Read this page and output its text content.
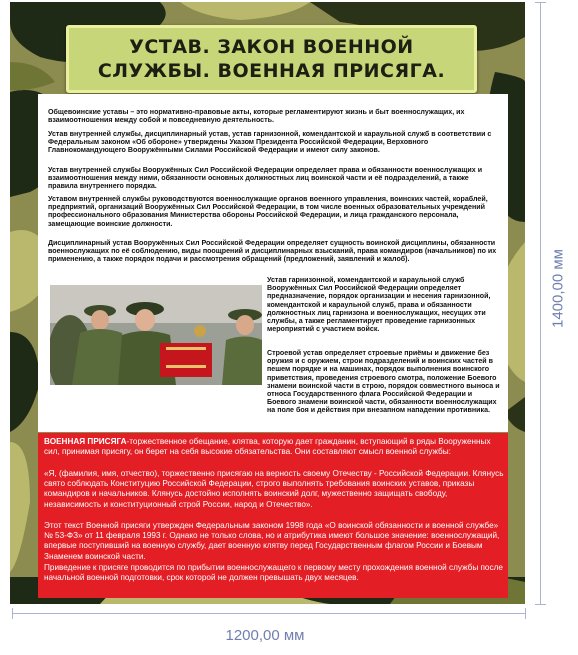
УСТАВ. ЗАКОН ВОЕННОЙ
СЛУЖБЫ. ВОЕННАЯ ПРИСЯГА.

Общевоинские уставы – это нормативно-правовые акты, которые регламентируют жизнь и быт военнослужащих, их взаимоотношения между собой и повседневную деятельность.

Устав внутренней службы, дисциплинарный устав, устав гарнизонной, комендантской и караульной служб в соответствии с Федеральным законом «Об обороне» утверждены Указом Президента Российской Федерации, Верховного Главнокомандующего Вооружёнными Силами Российской Федерации и имеют силу законов.

Устав внутренней службы Вооружённых Сил Российской Федерации определяет права и обязанности военнослужащих и взаимоотношения между ними, обязанности основных должностных лиц воинской части и её подразделений, а также правила внутреннего порядка.

Уставом внутренней службы руководствуются военнослужащие органов военного управления, воинских частей, кораблей, предприятий, организаций Вооружённых Сил Российской Федерации, в том числе военных образовательных учреждений профессионального образования Министерства обороны Российской Федерации, и лица гражданского персонала, замещающие воинские должности.

Дисциплинарный устав Вооружённых Сил Российской Федерации определяет сущность воинской дисциплины, обязанности военнослужащих по её соблюдению, виды поощрений и дисциплинарных взысканий, права командиров (начальников) по их применению, а также порядок подачи и рассмотрения обращений (предложений, заявлений и жалоб).

Устав гарнизонной, комендантской и караульной служб Вооружённых Сил Российской Федерации определяет предназначение, порядок организации и несения гарнизонной, комендантской и караульной служб, права и обязанности должностных лиц гарнизона и военнослужащих, несущих эти службы, а также регламентирует проведение гарнизонных мероприятий с участием войск.

Строевой устав определяет строевые приёмы и движение без оружия и с оружием, строи подразделений и воинских частей в пешем порядке и на машинах, порядок выполнения воинского приветствия, проведения строевого смотра, положение Боевого знамени воинской части в строю, порядок совместного выноса и относа Государственного флага Российской Федерации и Боевого знамени воинской части, обязанности военнослужащих на поле боя и действия при внезапном нападении противника.

ВОЕННАЯ ПРИСЯГА-торжественное обещание, клятва, которую дает гражданин, вступающий в ряды Вооруженных сил, принимая присягу, он берет на себя высокие обязательства. Они составляют смысл военной службы:

«Я, (фамилия, имя, отчество), торжественно присягаю на верность своему Отечеству - Российской Федерации. Клянусь свято соблюдать Конституцию Российской Федерации, строго выполнять требования воинских уставов, приказы командиров и начальников. Клянусь достойно исполнять воинский долг, мужественно защищать свободу, независимость и конституционный строй России, народ и Отечество».

Этот текст Военной присяги утвержден Федеральным законом 1998 года «О воинской обязанности и военной службе» № 53-ФЗ» от 11 февраля 1993 г. Однако не только слова, но и атрибутика имеют большое значение: военнослужащий, впервые поступивший на военную службу, дает военную клятву перед Государственным флагом России и Боевым Знаменем воинской части.

Приведение к присяге проводится по прибытии военнослужащего к первому месту прохождения военной службы после начальной военной подготовки, срок которой не должен превышать двух месяцев.

1200,00 мм
1400,00 мм
